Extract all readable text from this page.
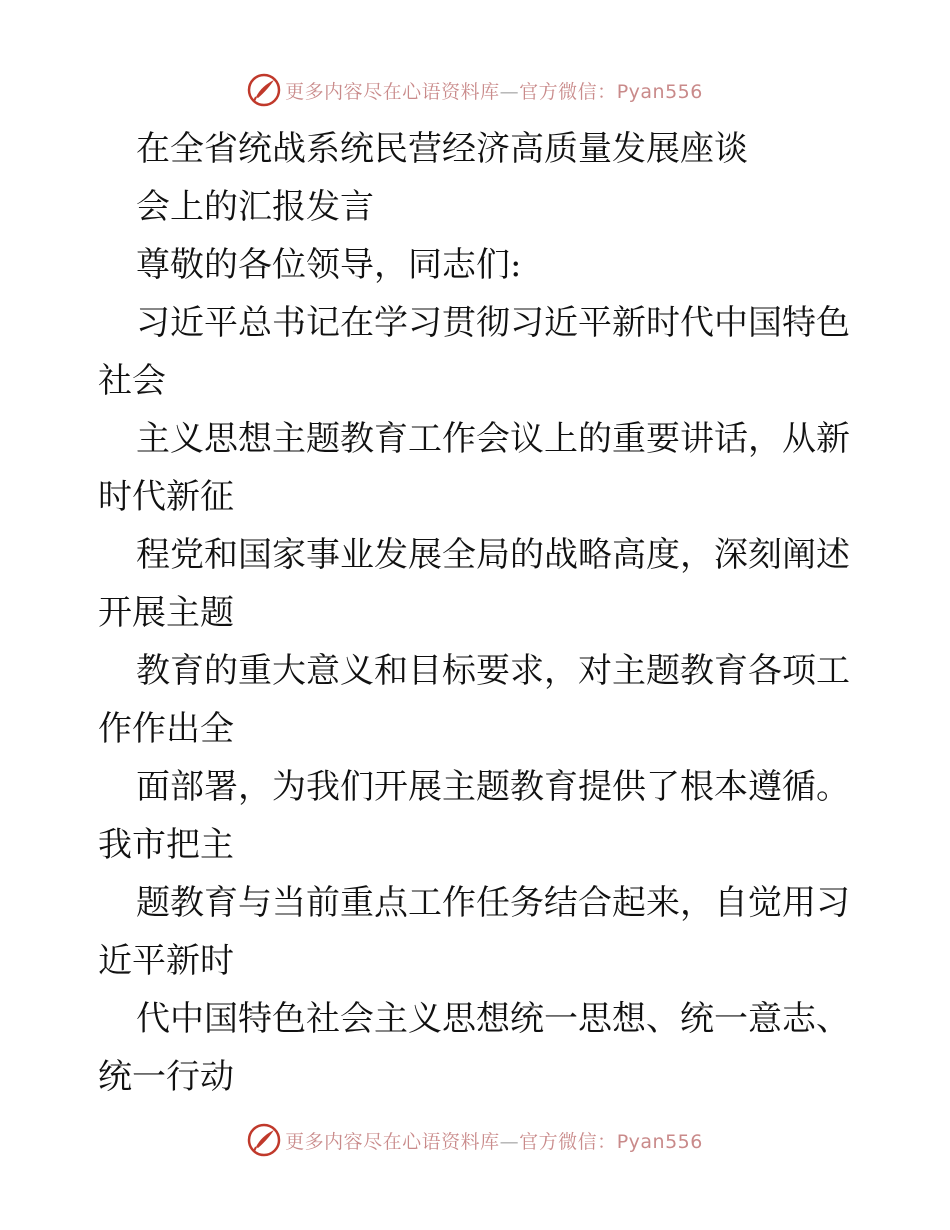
更多内容尽在心语资料库—官方微信：Pyan556
在全省统战系统民营经济高质量发展座谈
会上的汇报发言
尊敬的各位领导，同志们:
习近平总书记在学习贯彻习近平新时代中国特色
社会
主义思想主题教育工作会议上的重要讲话，从新
时代新征
程党和国家事业发展全局的战略高度，深刻阐述
开展主题
教育的重大意义和目标要求，对主题教育各项工
作作出全
面部署，为我们开展主题教育提供了根本遵循。
我市把主
题教育与当前重点工作任务结合起来，自觉用习
近平新时
代中国特色社会主义思想统一思想、统一意志、
统一行动
更多内容尽在心语资料库—官方微信：Pyan556
